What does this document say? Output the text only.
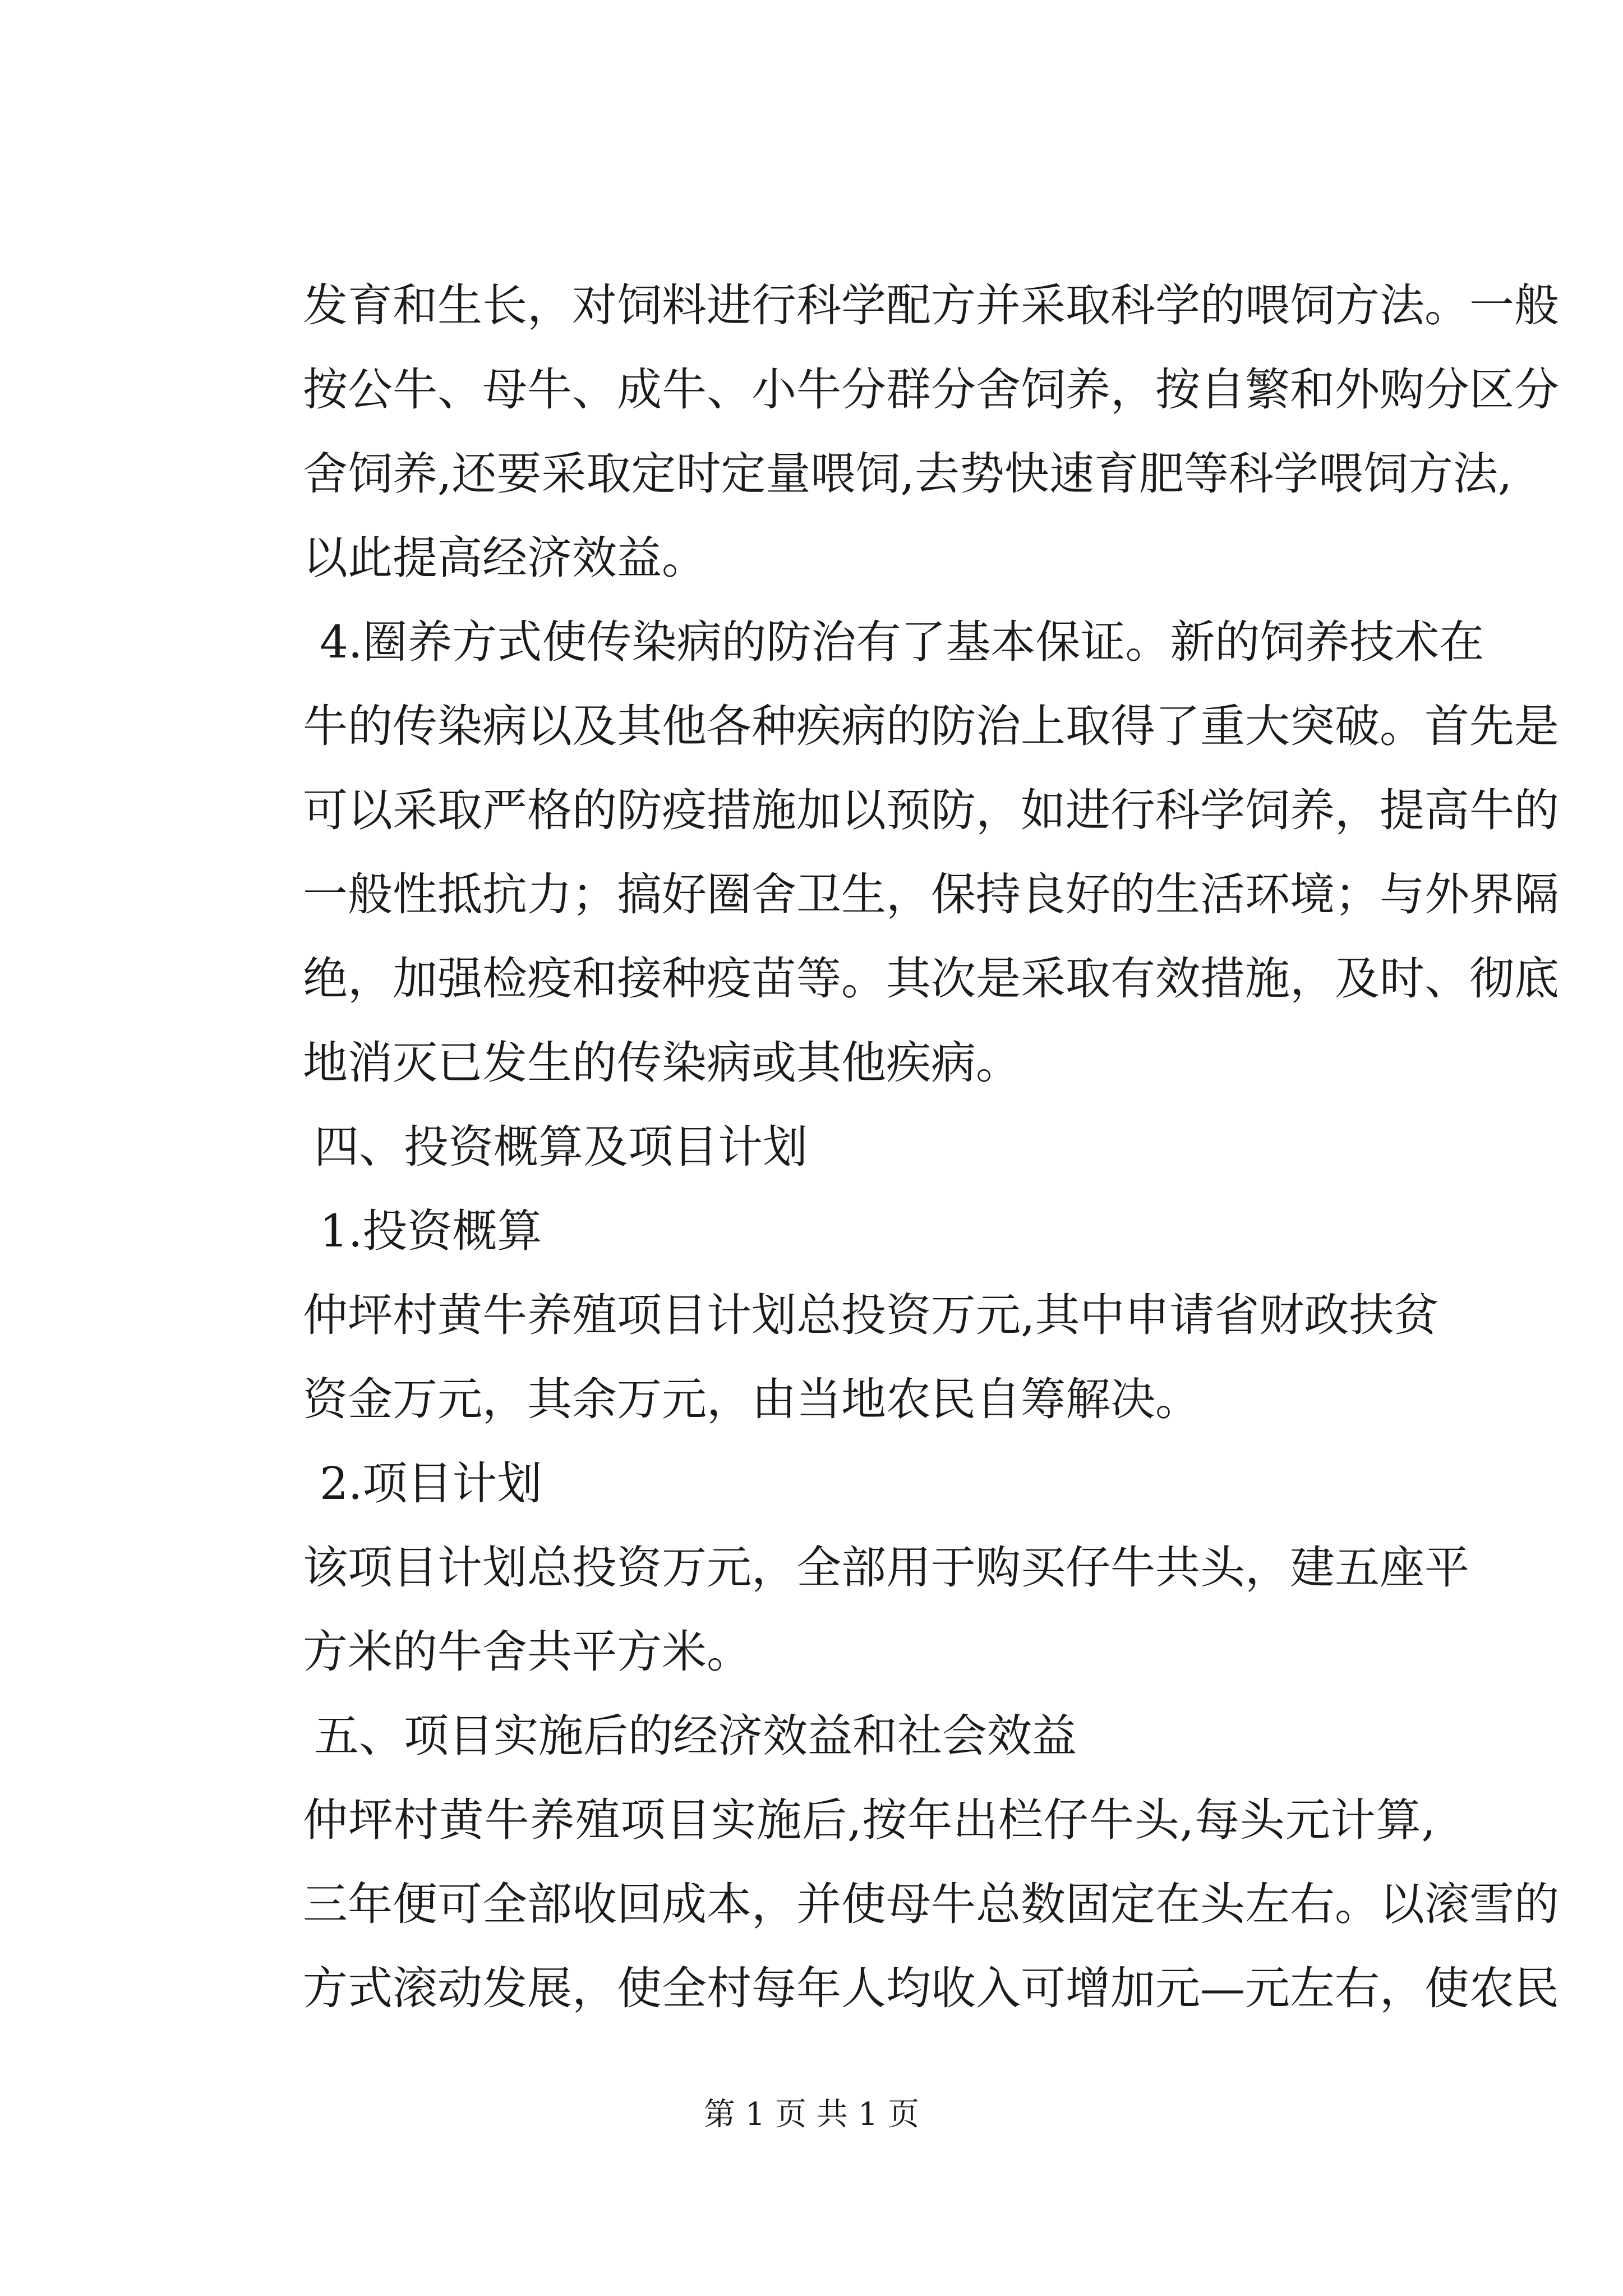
发育和生长，对饲料进行科学配方并采取科学的喂饲方法。一般
按公牛、母牛、成牛、小牛分群分舍饲养，按自繁和外购分区分
舍饲养,还要采取定时定量喂饲,去势快速育肥等科学喂饲方法,
以此提高经济效益。
4.圈养方式使传染病的防治有了基本保证。新的饲养技术在
牛的传染病以及其他各种疾病的防治上取得了重大突破。首先是
可以采取严格的防疫措施加以预防，如进行科学饲养，提高牛的
一般性抵抗力；搞好圈舍卫生，保持良好的生活环境；与外界隔
绝，加强检疫和接种疫苗等。其次是采取有效措施，及时、彻底
地消灭已发生的传染病或其他疾病。
四、投资概算及项目计划
1.投资概算
仲坪村黄牛养殖项目计划总投资万元,其中申请省财政扶贫
资金万元，其余万元，由当地农民自筹解决。
2.项目计划
该项目计划总投资万元，全部用于购买仔牛共头，建五座平
方米的牛舍共平方米。
五、项目实施后的经济效益和社会效益
仲坪村黄牛养殖项目实施后,按年出栏仔牛头,每头元计算,
三年便可全部收回成本，并使母牛总数固定在头左右。以滚雪的
方式滚动发展，使全村每年人均收入可增加元—元左右，使农民
第 1 页 共 1 页
